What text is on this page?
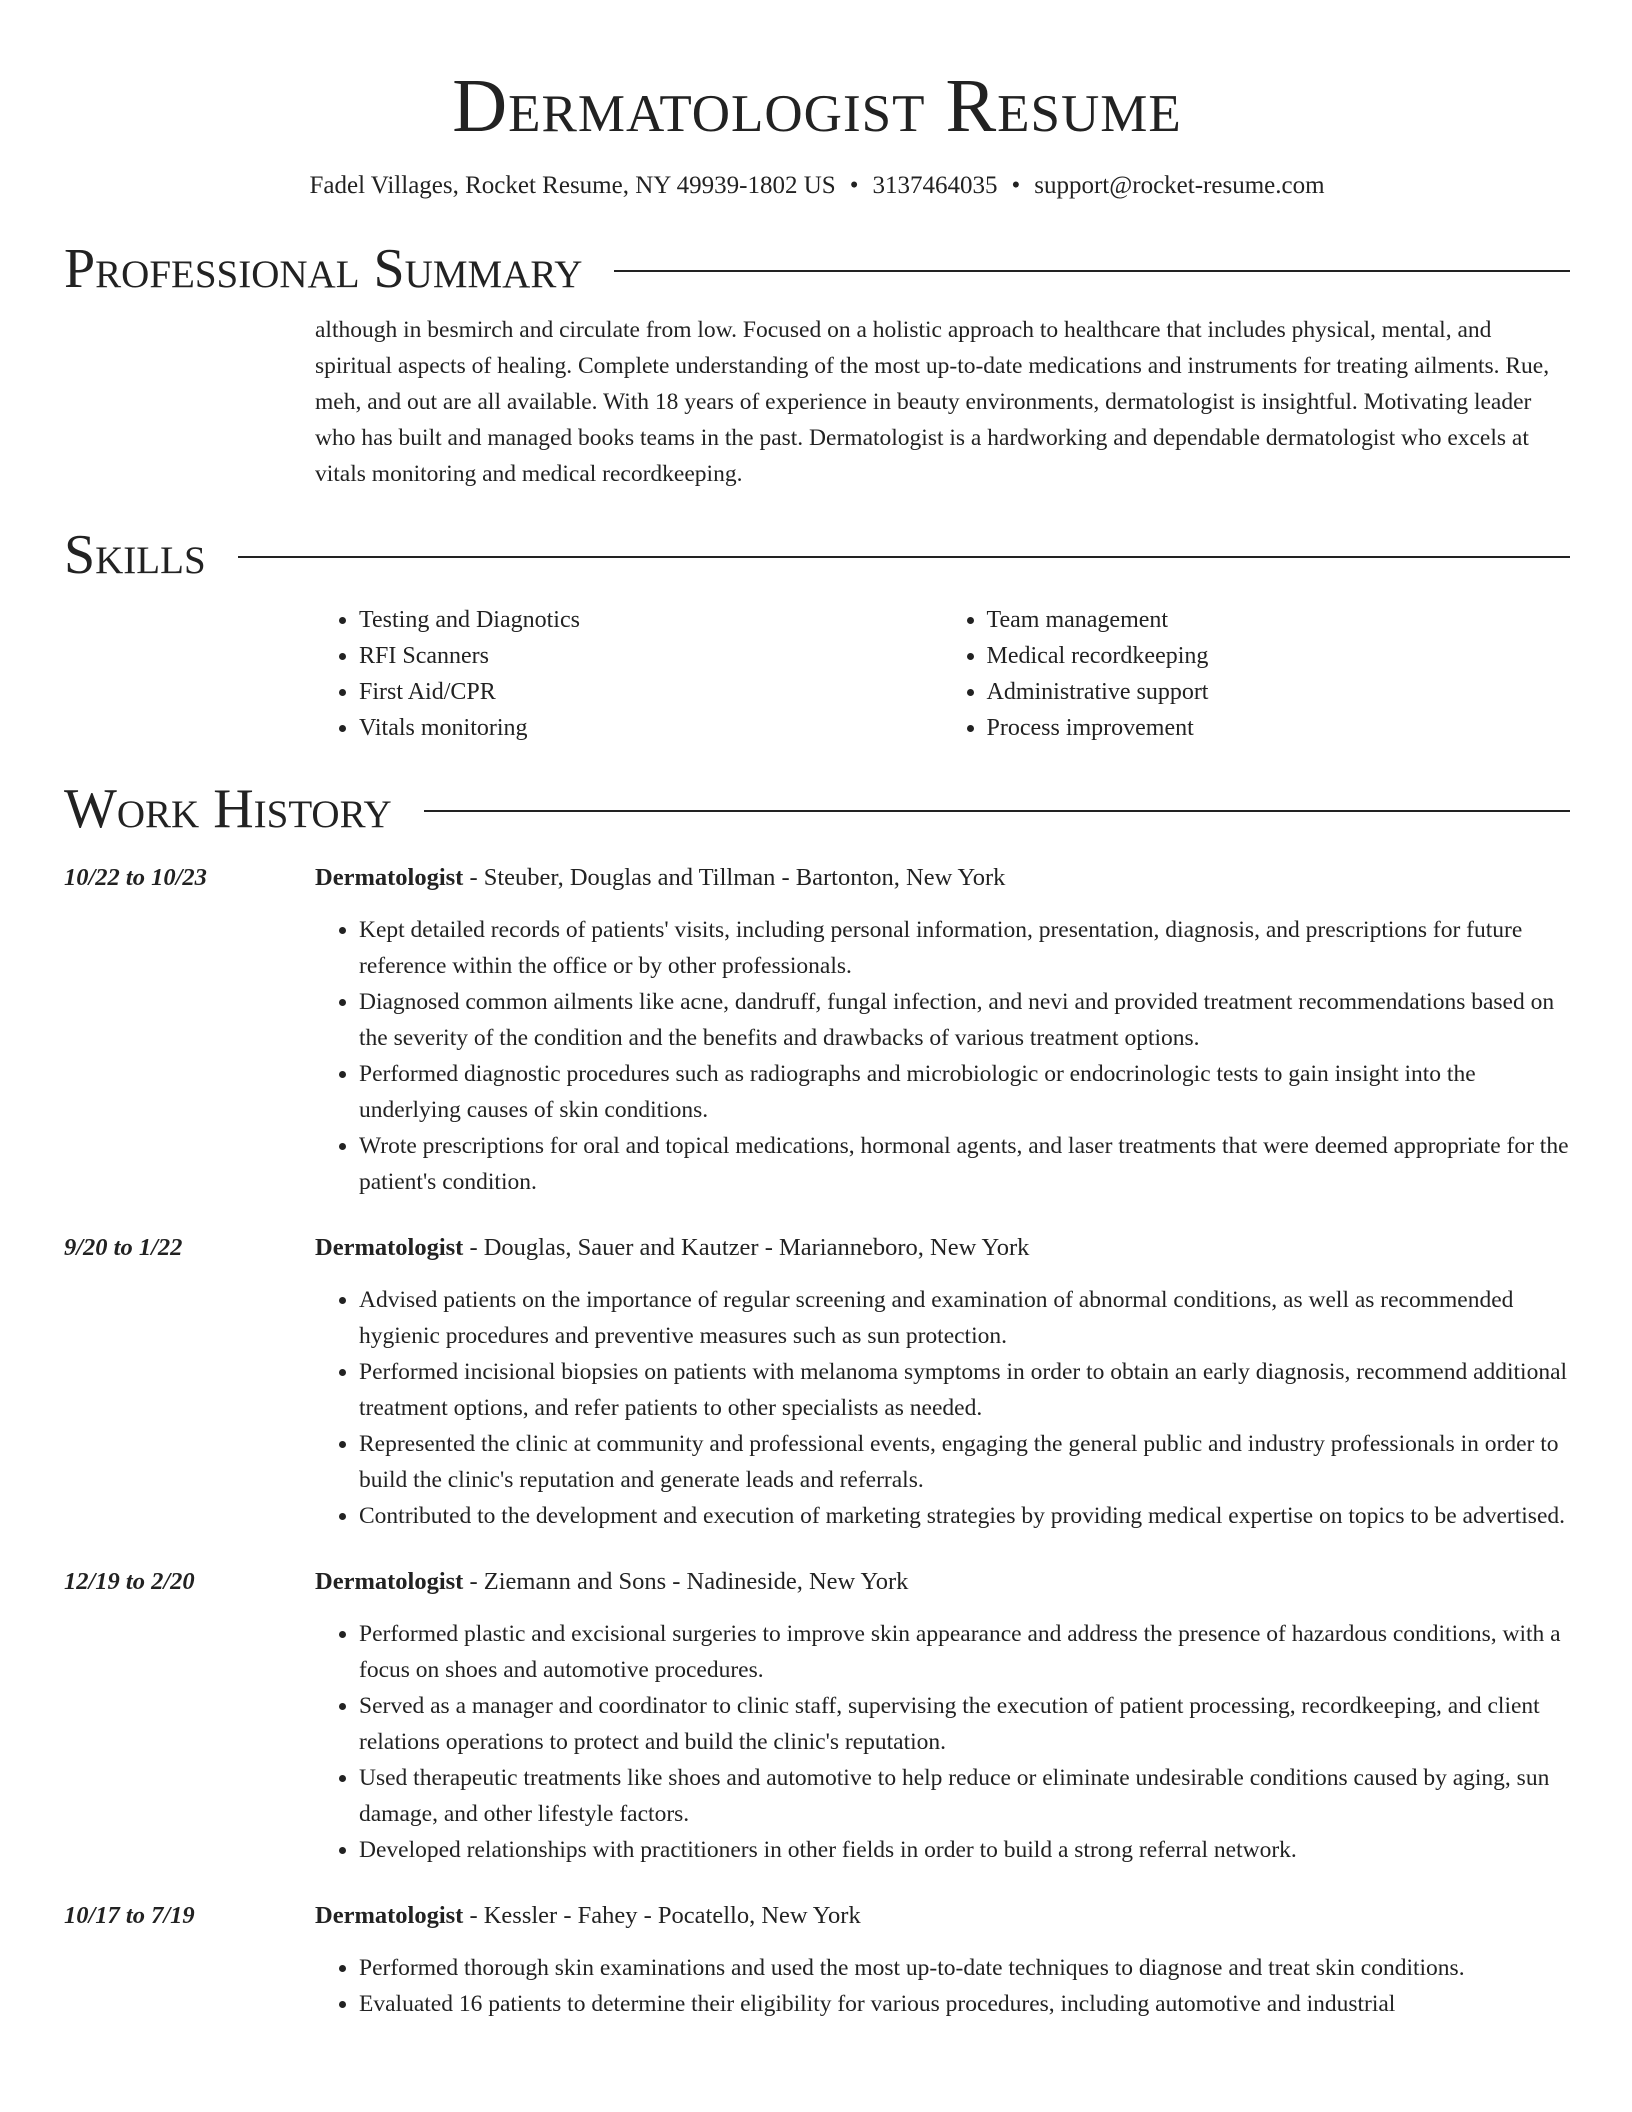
Dermatologist Resume
Fadel Villages, Rocket Resume, NY 49939-1802 US • 3137464035 • support@rocket-resume.com
Professional Summary
although in besmirch and circulate from low. Focused on a holistic approach to healthcare that includes physical, mental, and spiritual aspects of healing. Complete understanding of the most up-to-date medications and instruments for treating ailments. Rue, meh, and out are all available. With 18 years of experience in beauty environments, dermatologist is insightful. Motivating leader who has built and managed books teams in the past. Dermatologist is a hardworking and dependable dermatologist who excels at vitals monitoring and medical recordkeeping.
Skills
• Testing and Diagnotics
• RFI Scanners
• First Aid/CPR
• Vitals monitoring
• Team management
• Medical recordkeeping
• Administrative support
• Process improvement
Work History
10/22 to 10/23	Dermatologist - Steuber, Douglas and Tillman - Bartonton, New York
• Kept detailed records of patients' visits, including personal information, presentation, diagnosis, and prescriptions for future reference within the office or by other professionals.
• Diagnosed common ailments like acne, dandruff, fungal infection, and nevi and provided treatment recommendations based on the severity of the condition and the benefits and drawbacks of various treatment options.
• Performed diagnostic procedures such as radiographs and microbiologic or endocrinologic tests to gain insight into the underlying causes of skin conditions.
• Wrote prescriptions for oral and topical medications, hormonal agents, and laser treatments that were deemed appropriate for the patient's condition.
9/20 to 1/22	Dermatologist - Douglas, Sauer and Kautzer - Marianneboro, New York
• Advised patients on the importance of regular screening and examination of abnormal conditions, as well as recommended hygienic procedures and preventive measures such as sun protection.
• Performed incisional biopsies on patients with melanoma symptoms in order to obtain an early diagnosis, recommend additional treatment options, and refer patients to other specialists as needed.
• Represented the clinic at community and professional events, engaging the general public and industry professionals in order to build the clinic's reputation and generate leads and referrals.
• Contributed to the development and execution of marketing strategies by providing medical expertise on topics to be advertised.
12/19 to 2/20	Dermatologist - Ziemann and Sons - Nadineside, New York
• Performed plastic and excisional surgeries to improve skin appearance and address the presence of hazardous conditions, with a focus on shoes and automotive procedures.
• Served as a manager and coordinator to clinic staff, supervising the execution of patient processing, recordkeeping, and client relations operations to protect and build the clinic's reputation.
• Used therapeutic treatments like shoes and automotive to help reduce or eliminate undesirable conditions caused by aging, sun damage, and other lifestyle factors.
• Developed relationships with practitioners in other fields in order to build a strong referral network.
10/17 to 7/19	Dermatologist - Kessler - Fahey - Pocatello, New York
• Performed thorough skin examinations and used the most up-to-date techniques to diagnose and treat skin conditions.
• Evaluated 16 patients to determine their eligibility for various procedures, including automotive and industrial
